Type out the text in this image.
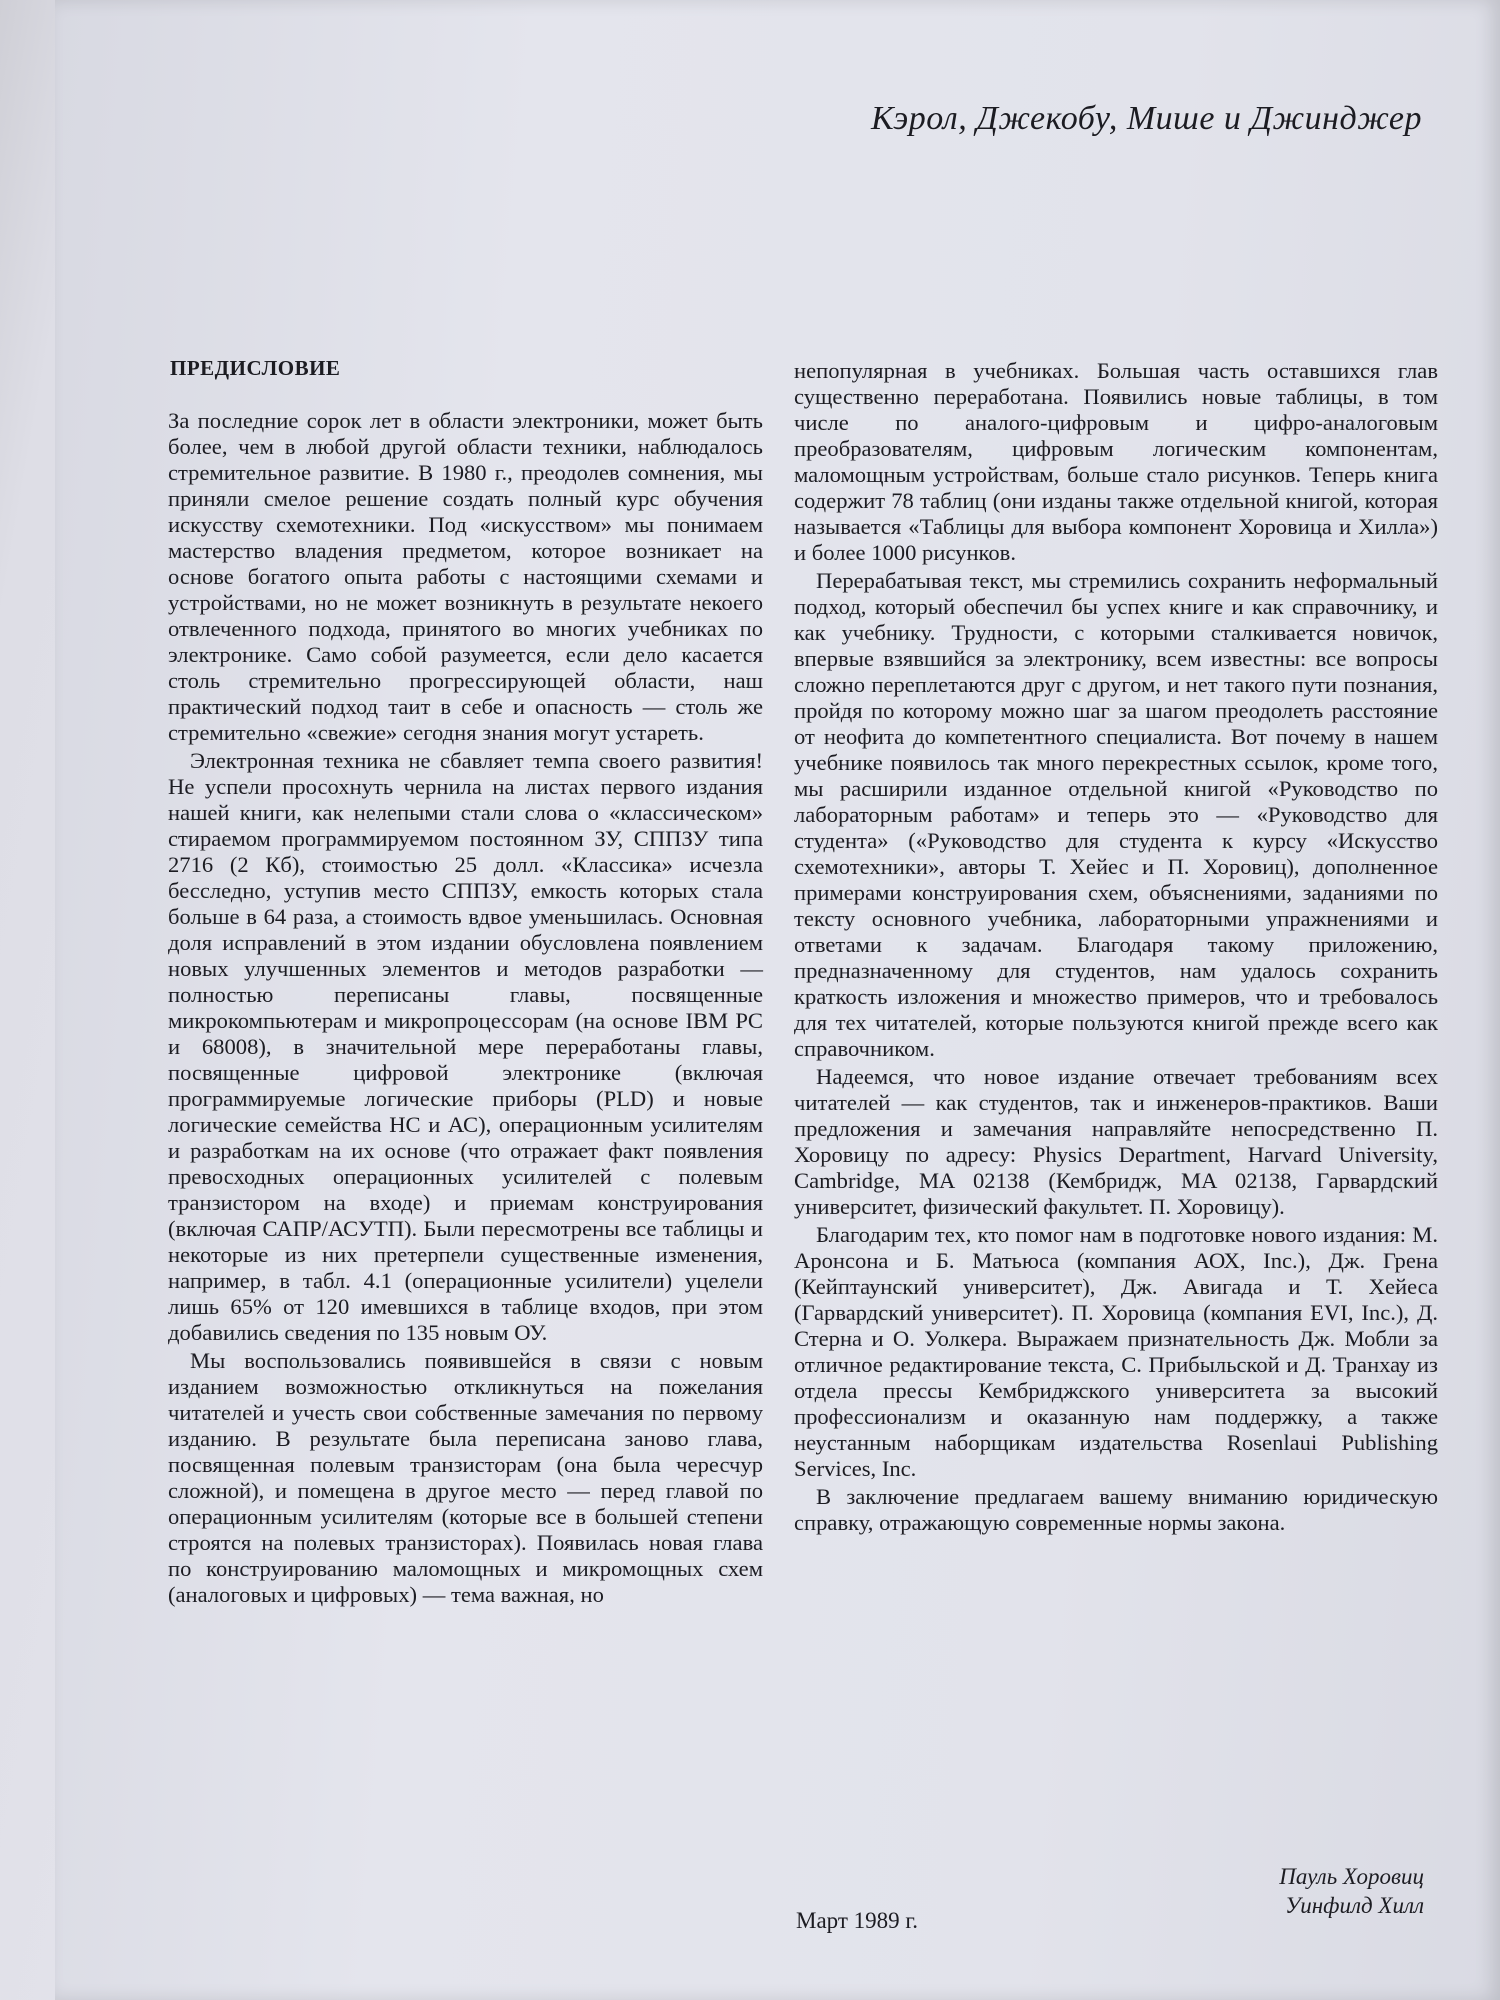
Кэрол, Джекобу, Мише и Джинджер
ПРЕДИСЛОВИЕ

За последние сорок лет в области электроники, может быть более, чем в любой другой области техники, наблюдалось стремительное развитие. В 1980 г., преодолев сомнения, мы приняли смелое решение создать полный курс обучения искусству схемотехники. Под «искусством» мы понимаем мастерство владения предметом, которое возникает на основе богатого опыта работы с настоящими схемами и устройствами, но не может возникнуть в результате некоего отвлеченного подхода, принятого во многих учебниках по электронике. Само собой разумеется, если дело касается столь стремительно прогрессирующей области, наш практический подход таит в себе и опасность — столь же стремительно «свежие» сегодня знания могут устареть.

Электронная техника не сбавляет темпа своего развития! Не успели просохнуть чернила на листах первого издания нашей книги, как нелепыми стали слова о «классическом» стираемом программируемом постоянном ЗУ, СППЗУ типа 2716 (2 Кб), стоимостью 25 долл. «Классика» исчезла бесследно, уступив место СППЗУ, емкость которых стала больше в 64 раза, а стоимость вдвое уменьшилась. Основная доля исправлений в этом издании обусловлена появлением новых улучшенных элементов и методов разработки — полностью переписаны главы, посвященные микрокомпьютерам и микропроцессорам (на основе IBM PC и 68008), в значительной мере переработаны главы, посвященные цифровой электронике (включая программируемые логические приборы (PLD) и новые логические семейства НС и АС), операционным усилителям и разработкам на их основе (что отражает факт появления превосходных операционных усилителей с полевым транзистором на входе) и приемам конструирования (включая САПР/АСУТП). Были пересмотрены все таблицы и некоторые из них претерпели существенные изменения, например, в табл. 4.1 (операционные усилители) уцелели лишь 65% от 120 имевшихся в таблице входов, при этом добавились сведения по 135 новым ОУ.

Мы воспользовались появившейся в связи с новым изданием возможностью откликнуться на пожелания читателей и учесть свои собственные замечания по первому изданию. В результате была переписана заново глава, посвященная полевым транзисторам (она была чересчур сложной), и помещена в другое место — перед главой по операционным усилителям (которые все в большей степени строятся на полевых транзисторах). Появилась новая глава по конструированию маломощных и микромощных схем (аналоговых и цифровых) — тема важная, но

непопулярная в учебниках. Большая часть оставшихся глав существенно переработана. Появились новые таблицы, в том числе по аналого-цифровым и цифро-аналоговым преобразователям, цифровым логическим компонентам, маломощным устройствам, больше стало рисунков. Теперь книга содержит 78 таблиц (они изданы также отдельной книгой, которая называется «Таблицы для выбора компонент Хоровица и Хилла») и более 1000 рисунков.

Перерабатывая текст, мы стремились сохранить неформальный подход, который обеспечил бы успех книге и как справочнику, и как учебнику. Трудности, с которыми сталкивается новичок, впервые взявшийся за электронику, всем известны: все вопросы сложно переплетаются друг с другом, и нет такого пути познания, пройдя по которому можно шаг за шагом преодолеть расстояние от неофита до компетентного специалиста. Вот почему в нашем учебнике появилось так много перекрестных ссылок, кроме того, мы расширили изданное отдельной книгой «Руководство по лабораторным работам» и теперь это — «Руководство для студента» («Руководство для студента к курсу «Искусство схемотехники», авторы Т. Хейес и П. Хоровиц), дополненное примерами конструирования схем, объяснениями, заданиями по тексту основного учебника, лабораторными упражнениями и ответами к задачам. Благодаря такому приложению, предназначенному для студентов, нам удалось сохранить краткость изложения и множество примеров, что и требовалось для тех читателей, которые пользуются книгой прежде всего как справочником.

Надеемся, что новое издание отвечает требованиям всех читателей — как студентов, так и инженеров-практиков. Ваши предложения и замечания направляйте непосредственно П. Хоровицу по адресу: Physics Department, Harvard University, Cambridge, MA 02138 (Кембридж, MA 02138, Гарвардский университет, физический факультет. П. Хоровицу).

Благодарим тех, кто помог нам в подготовке нового издания: М. Аронсона и Б. Матьюса (компания АОХ, Inc.), Дж. Грена (Кейптаунский университет), Дж. Авигада и Т. Хейеса (Гарвардский университет). П. Хоровица (компания EVI, Inc.), Д. Стерна и О. Уолкера. Выражаем признательность Дж. Мобли за отличное редактирование текста, С. Прибыльской и Д. Транхау из отдела прессы Кембриджского университета за высокий профессионализм и оказанную нам поддержку, а также неустанным наборщикам издательства Rosenlaui Publishing Services, Inc.

В заключение предлагаем вашему вниманию юридическую справку, отражающую современные нормы закона.

Пауль Хоровиц
Уинфилд Хилл
Март 1989 г.
